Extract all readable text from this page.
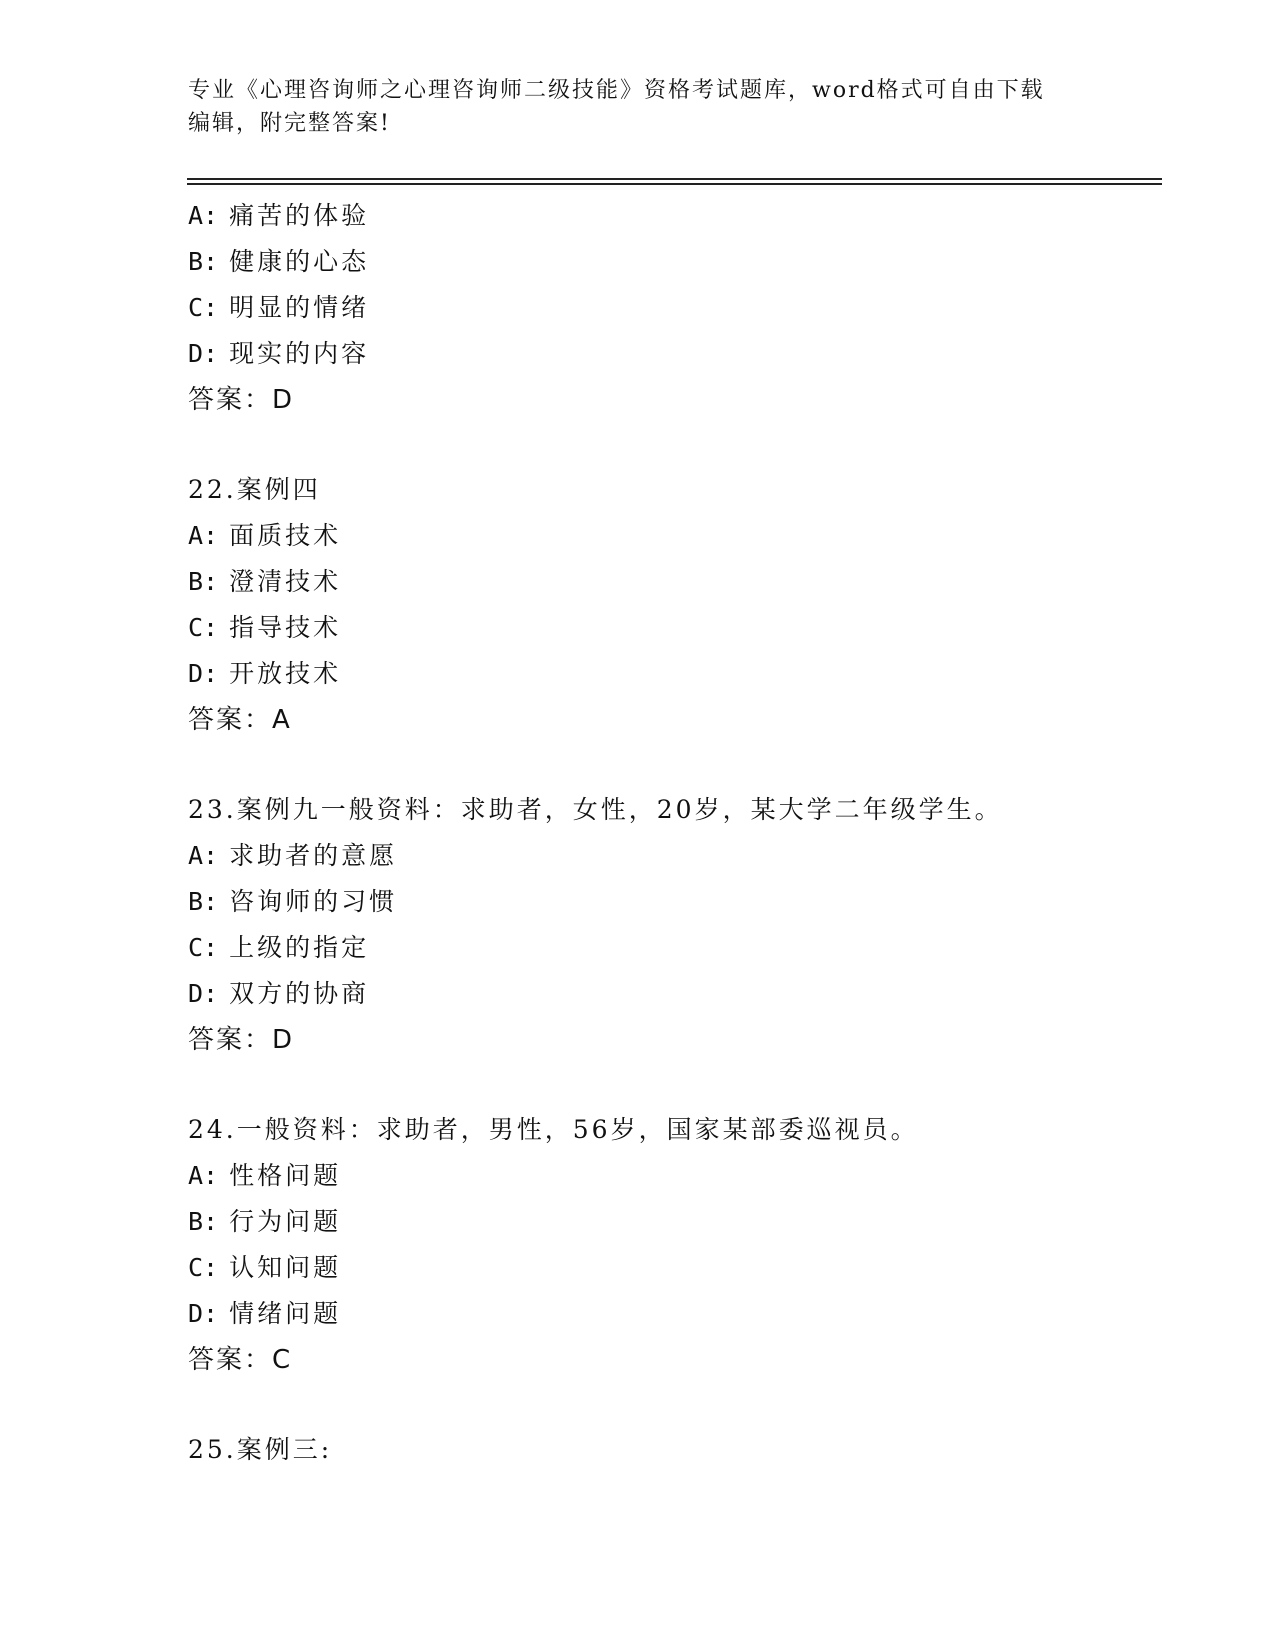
专业《心理咨询师之心理咨询师二级技能》资格考试题库，word格式可自由下载
编辑，附完整答案!
A: 痛苦的体验
B: 健康的心态
C: 明显的情绪
D: 现实的内容
答案：D
22.案例四
A: 面质技术
B: 澄清技术
C: 指导技术
D: 开放技术
答案：A
23.案例九一般资料：求助者，女性，20岁，某大学二年级学生。
A: 求助者的意愿
B: 咨询师的习惯
C: 上级的指定
D: 双方的协商
答案：D
24.一般资料：求助者，男性，56岁，国家某部委巡视员。
A: 性格问题
B: 行为问题
C: 认知问题
D: 情绪问题
答案：C
25.案例三:
